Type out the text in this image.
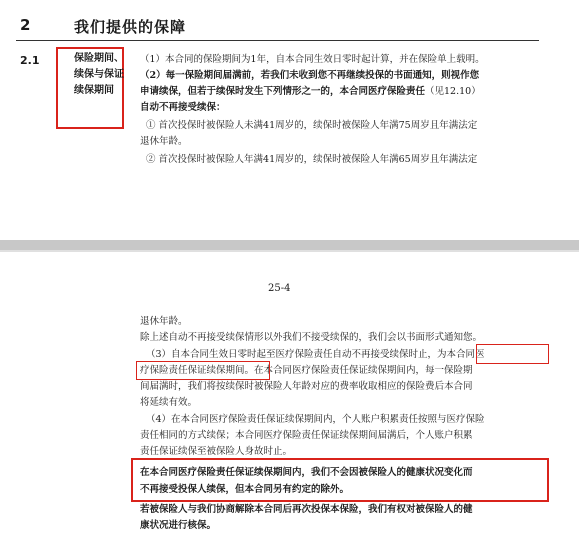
2	我们提供的保障
2.1	保险期间、续保与保证续保期间
（1）本合同的保险期间为1年，自本合同生效日零时起计算，并在保险单上载明。
（2）每一保险期间届满前，若我们未收到您不再继续投保的书面通知，则视作您
申请续保，但若于续保时发生下列情形之一的，本合同医疗保险责任（见12.10）
自动不再接受续保：
① 首次投保时被保险人未满41周岁的，续保时被保险人年满75周岁且年满法定
退休年龄。
② 首次投保时被保险人年满41周岁的，续保时被保险人年满65周岁且年满法定
25-4
退休年龄。
除上述自动不再接受续保情形以外我们不接受续保的，我们会以书面形式通知您。
（3）自本合同生效日零时起至医疗保险责任自动不再接受续保时止，为本合同医
疗保险责任保证续保期间。在本合同医疗保险责任保证续保期间内，每一保险期
间届满时，我们将按续保时被保险人年龄对应的费率收取相应的保险费后本合同
将延续有效。
（4）在本合同医疗保险责任保证续保期间内，个人账户积累责任按照与医疗保险
责任相同的方式续保；本合同医疗保险责任保证续保期间届满后，个人账户积累
责任保证续保至被保险人身故时止。
在本合同医疗保险责任保证续保期间内，我们不会因被保险人的健康状况变化而
不再接受投保人续保，但本合同另有约定的除外。
若被保险人与我们协商解除本合同后再次投保本保险，我们有权对被保险人的健
康状况进行核保。
